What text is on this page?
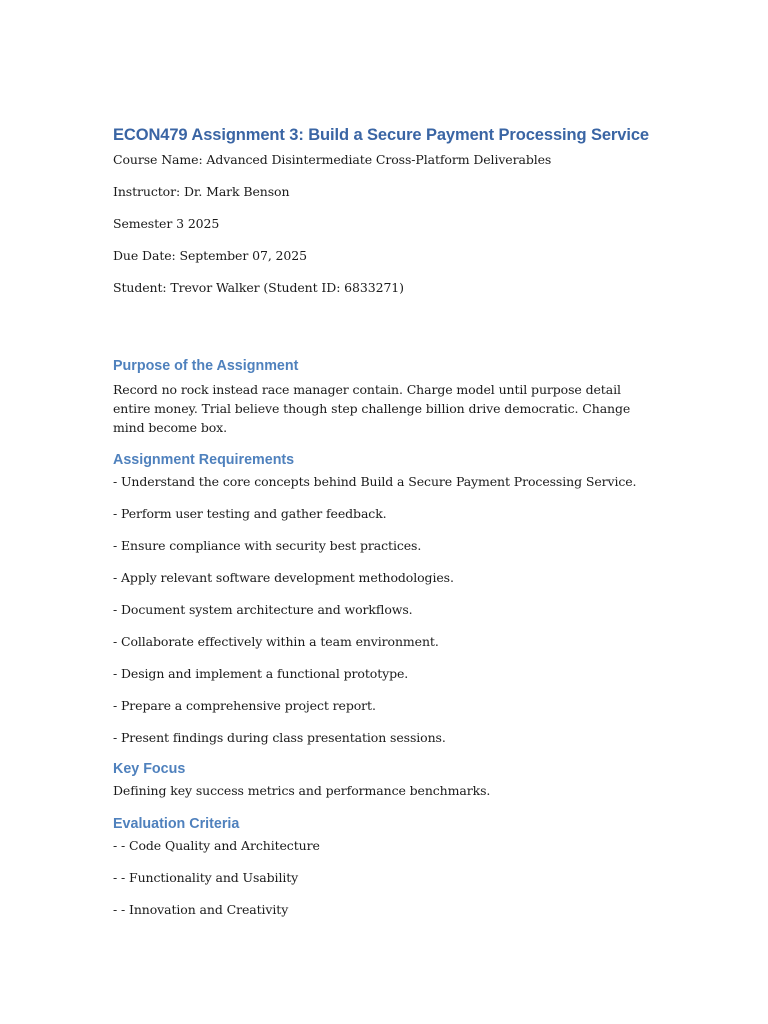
ECON479 Assignment 3: Build a Secure Payment Processing Service

Course Name: Advanced Disintermediate Cross-Platform Deliverables

Instructor: Dr. Mark Benson

Semester 3 2025

Due Date: September 07, 2025

Student: Trevor Walker (Student ID: 6833271)

Purpose of the Assignment

Record no rock instead race manager contain. Charge model until purpose detail entire money. Trial believe though step challenge billion drive democratic. Change mind become box.

Assignment Requirements
- Understand the core concepts behind Build a Secure Payment Processing Service.
- Perform user testing and gather feedback.
- Ensure compliance with security best practices.
- Apply relevant software development methodologies.
- Document system architecture and workflows.
- Collaborate effectively within a team environment.
- Design and implement a functional prototype.
- Prepare a comprehensive project report.
- Present findings during class presentation sessions.
Key Focus

Defining key success metrics and performance benchmarks.

Evaluation Criteria
- - Code Quality and Architecture
- - Functionality and Usability
- - Innovation and Creativity
